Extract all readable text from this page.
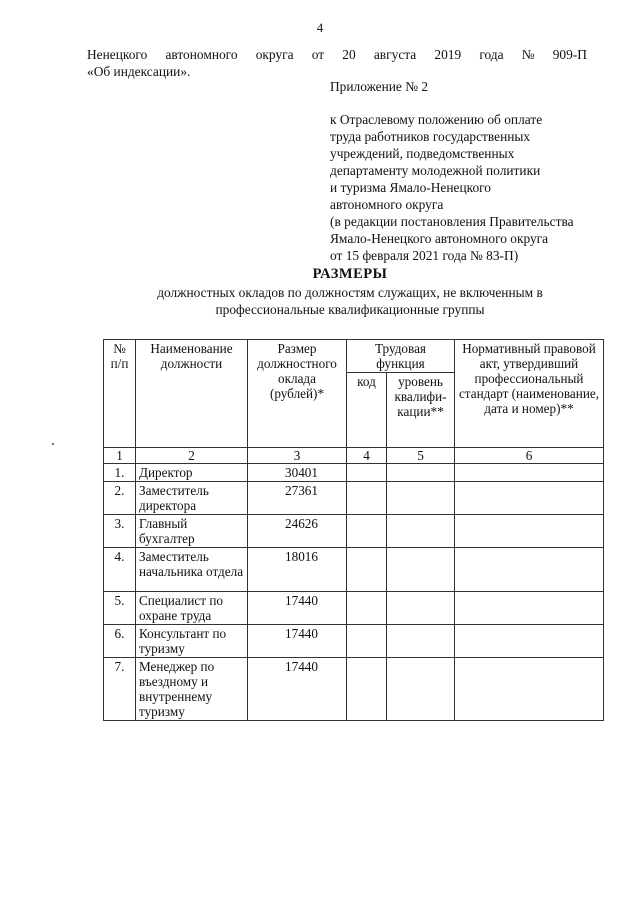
4
Ненецкого автономного округа от 20 августа 2019 года № 909-П
«Об индексации».
Приложение № 2
к Отраслевому положению об оплате
труда работников государственных
учреждений, подведомственных
департаменту молодежной политики
и туризма Ямало-Ненецкого
автономного округа
(в редакции постановления Правительства
Ямало-Ненецкого автономного округа
от 15 февраля 2021 года № 83-П)
РАЗМЕРЫ
должностных окладов по должностям служащих, не включенным в
профессиональные квалификационные группы
№ п/п	Наименование должности	Размер должностного оклада (рублей)*	Трудовая функция		Нормативный правовой акт, утвердивший профессиональный стандарт (наименование, дата и номер)**
			код	уровень квалифи-кации**	
1	2	3	4	5	6
1.	Директор	30401			
2.	Заместитель директора	27361			
3.	Главный бухгалтер	24626			
4.	Заместитель начальника отдела	18016			
5.	Специалист по охране труда	17440			
6.	Консультант по туризму	17440			
7.	Менеджер по въездному и внутреннему туризму	17440			
